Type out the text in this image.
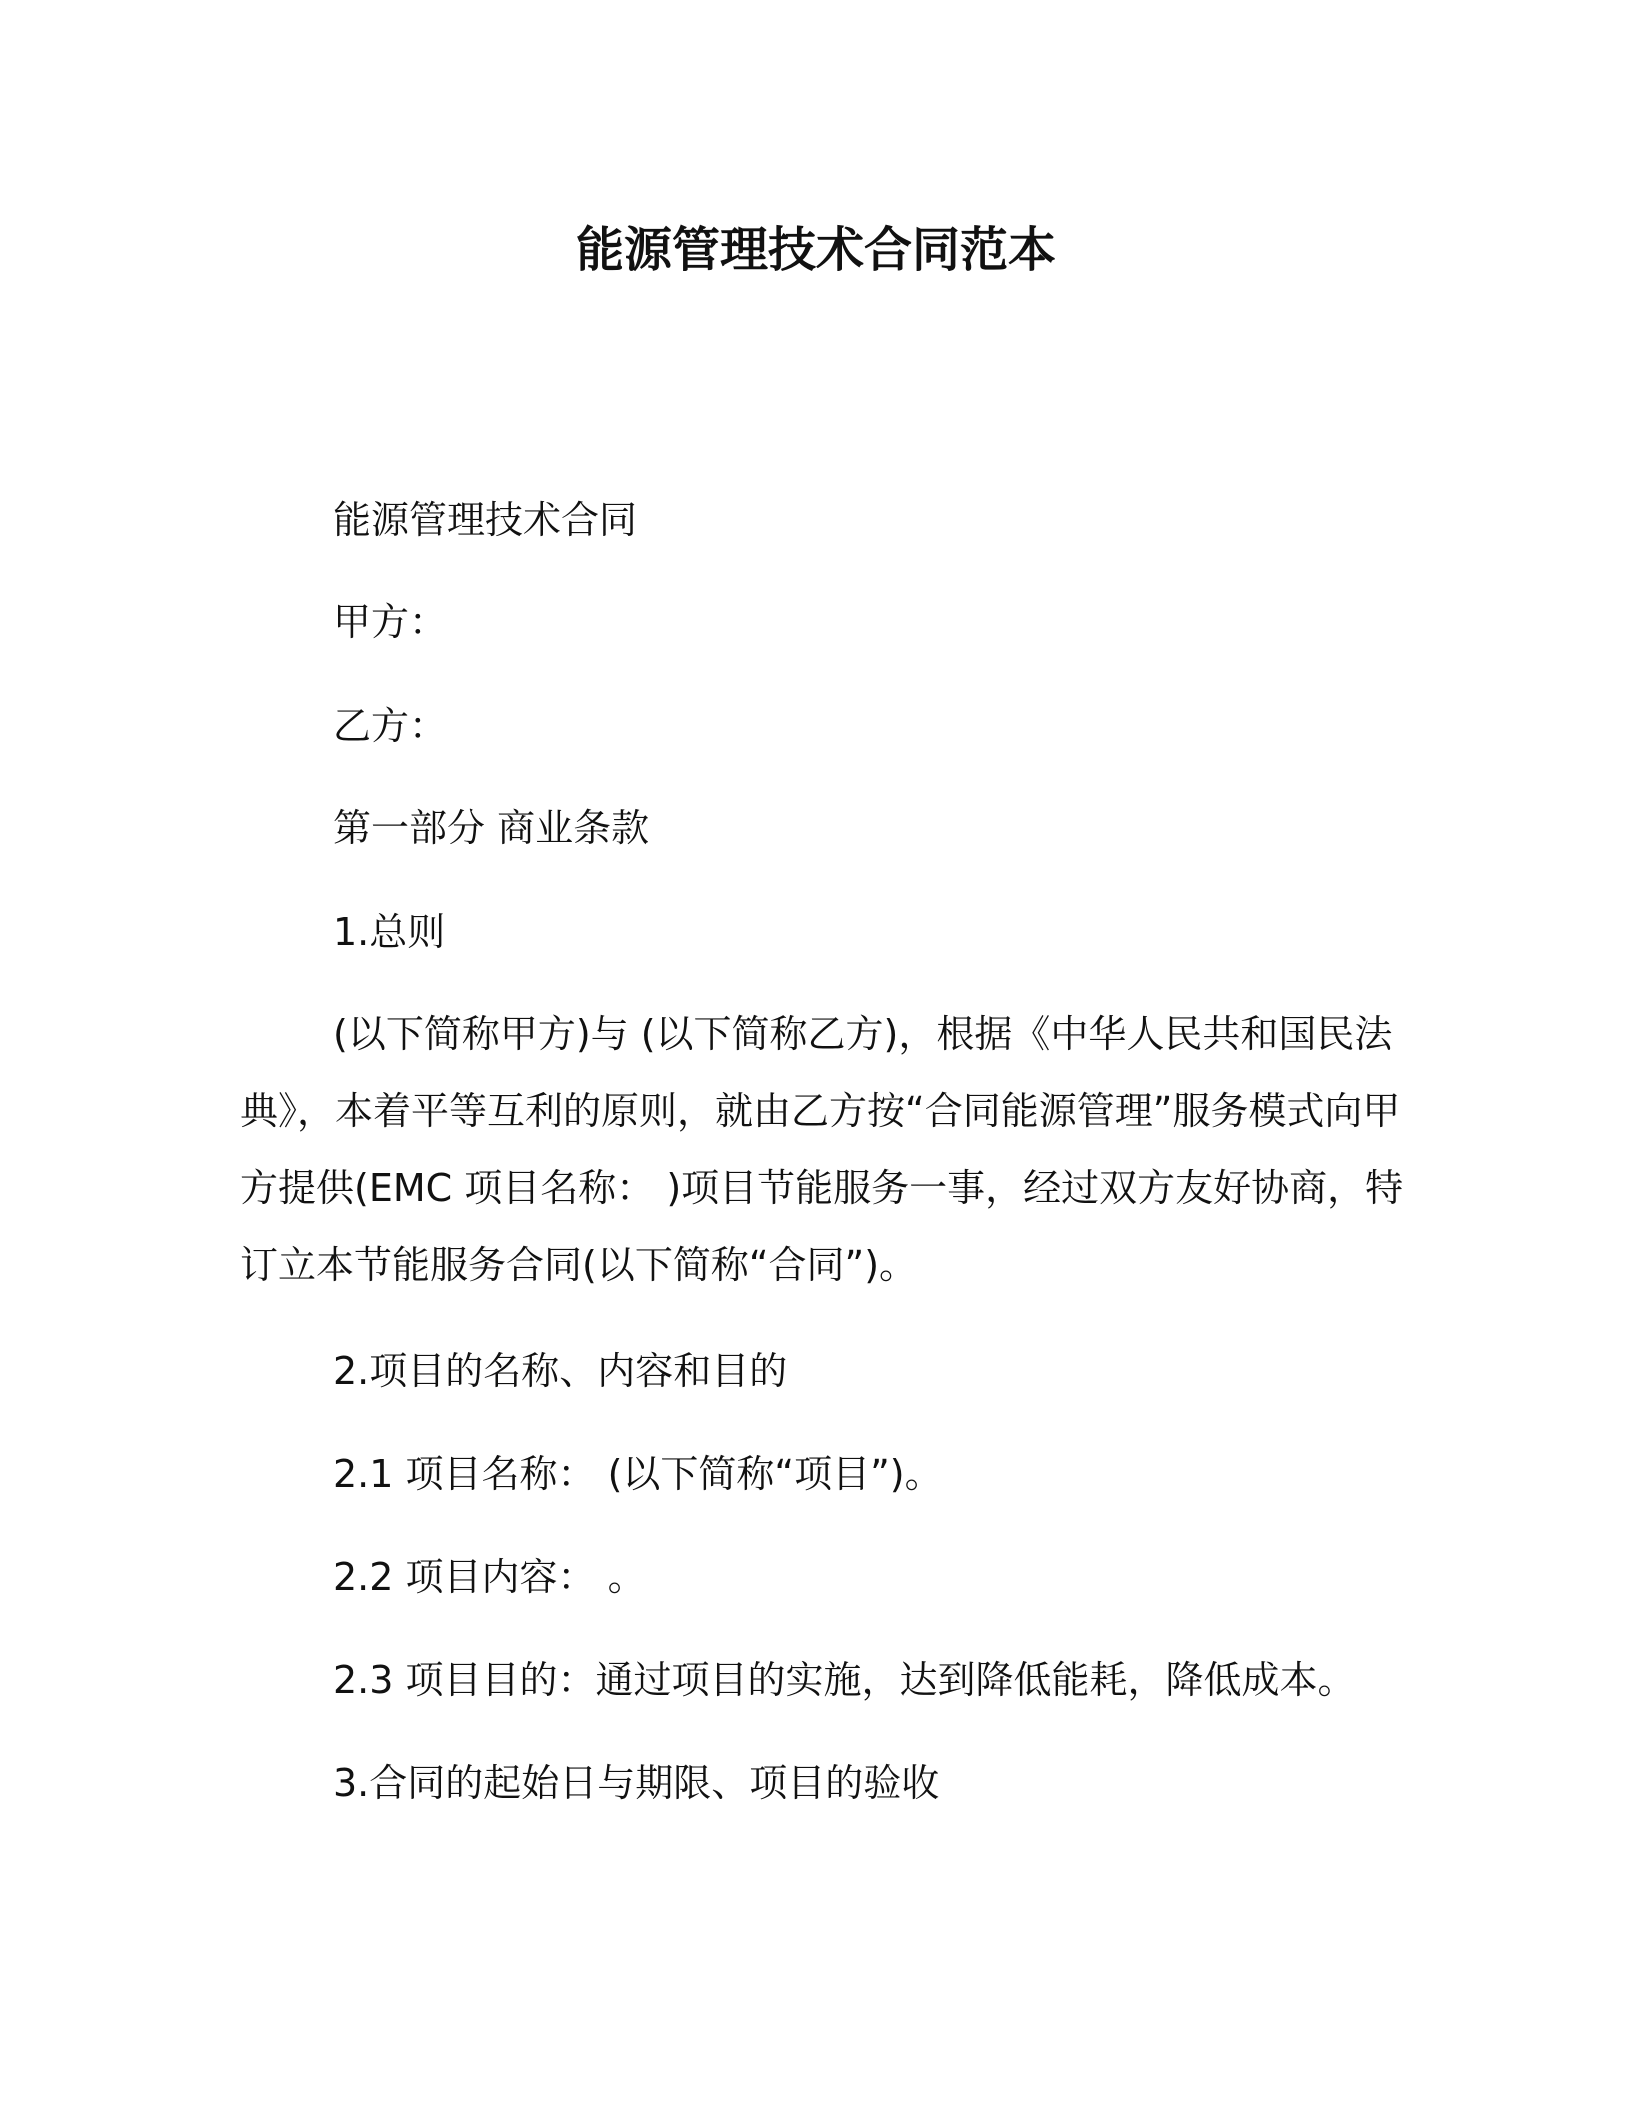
能源管理技术合同范本
能源管理技术合同
甲方：
乙方：
第一部分 商业条款
1.总则

(以下简称甲方)与 (以下简称乙方)，根据《中华人民共和国民法典》，本着平等互利的原则，就由乙方按“合同能源管理”服务模式向甲方提供(EMC 项目名称： )项目节能服务一事，经过双方友好协商，特订立本节能服务合同(以下简称“合同”)。

2.项目的名称、内容和目的
2.1 项目名称： (以下简称“项目”)。
2.2 项目内容： 。
2.3 项目目的：通过项目的实施，达到降低能耗，降低成本。
3.合同的起始日与期限、项目的验收
